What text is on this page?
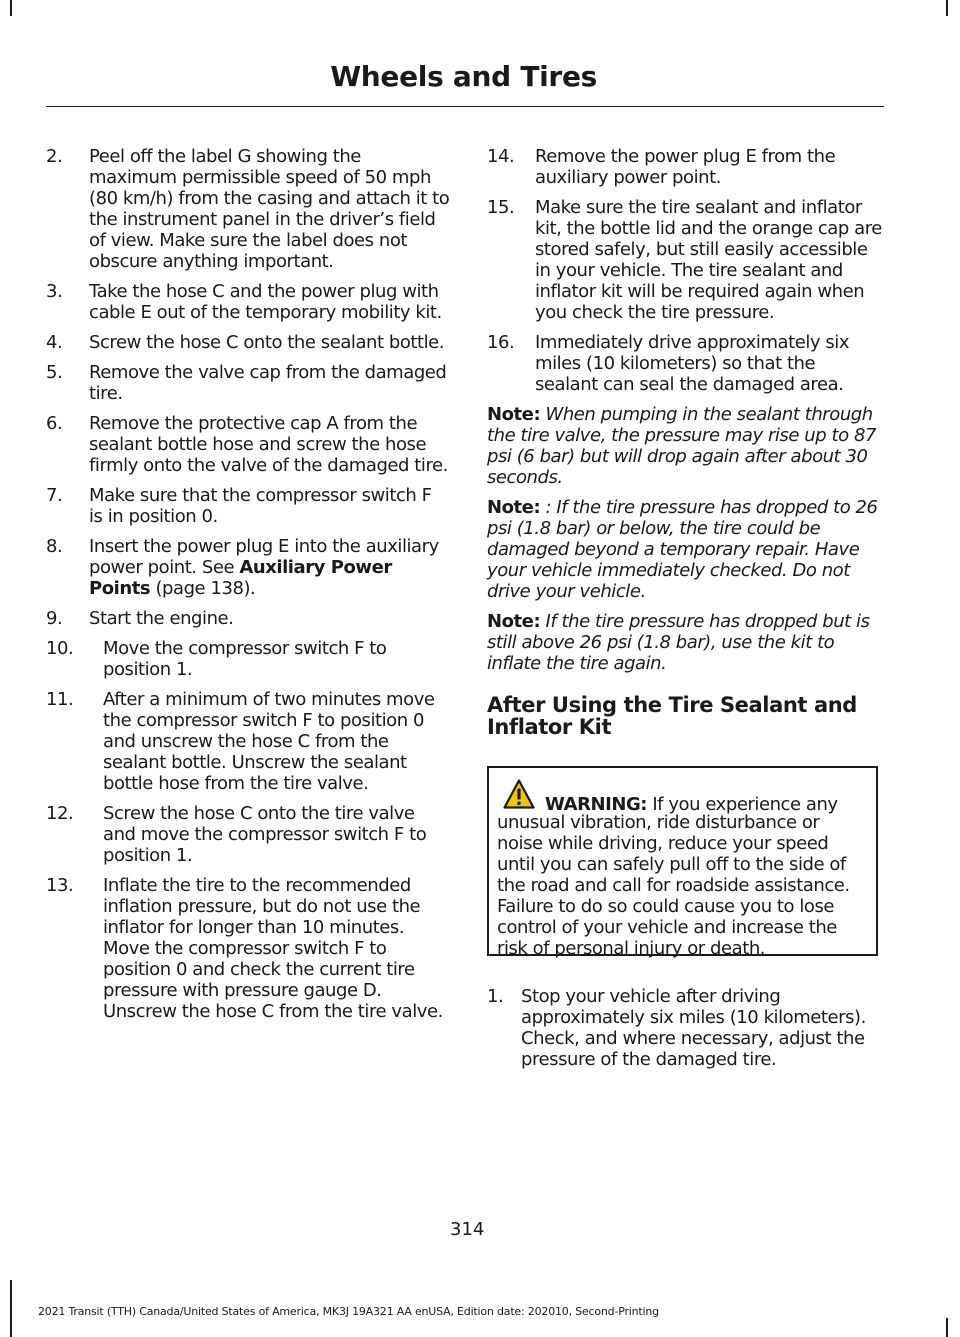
Wheels and Tires
2.	Peel off the label G showing the maximum permissible speed of 50 mph (80 km/h) from the casing and attach it to the instrument panel in the driver’s field of view. Make sure the label does not obscure anything important.
3.	Take the hose C and the power plug with cable E out of the temporary mobility kit.
4.	Screw the hose C onto the sealant bottle.
5.	Remove the valve cap from the damaged tire.
6.	Remove the protective cap A from the sealant bottle hose and screw the hose firmly onto the valve of the damaged tire.
7.	Make sure that the compressor switch F is in position 0.
8.	Insert the power plug E into the auxiliary power point. See Auxiliary Power Points (page 138).
9.	Start the engine.
10.	Move the compressor switch F to position 1.
11.	After a minimum of two minutes move the compressor switch F to position 0 and unscrew the hose C from the sealant bottle. Unscrew the sealant bottle hose from the tire valve.
12.	Screw the hose C onto the tire valve and move the compressor switch F to position 1.
13.	Inflate the tire to the recommended inflation pressure, but do not use the inflator for longer than 10 minutes. Move the compressor switch F to position 0 and check the current tire pressure with pressure gauge D. Unscrew the hose C from the tire valve.
14.	Remove the power plug E from the auxiliary power point.
15.	Make sure the tire sealant and inflator kit, the bottle lid and the orange cap are stored safely, but still easily accessible in your vehicle. The tire sealant and inflator kit will be required again when you check the tire pressure.
16.	Immediately drive approximately six miles (10 kilometers) so that the sealant can seal the damaged area.

Note: When pumping in the sealant through the tire valve, the pressure may rise up to 87 psi (6 bar) but will drop again after about 30 seconds.

Note: : If the tire pressure has dropped to 26 psi (1.8 bar) or below, the tire could be damaged beyond a temporary repair. Have your vehicle immediately checked. Do not drive your vehicle.

Note: If the tire pressure has dropped but is still above 26 psi (1.8 bar), use the kit to inflate the tire again.

After Using the Tire Sealant and Inflator Kit
WARNING: If you experience any
unusual vibration, ride disturbance or noise while driving, reduce your speed until you can safely pull off to the side of the road and call for roadside assistance. Failure to do so could cause you to lose control of your vehicle and increase the risk of personal injury or death.
1. Stop your vehicle after driving approximately six miles (10 kilometers). Check, and where necessary, adjust the pressure of the damaged tire.
314
2021 Transit (TTH) Canada/United States of America, MK3J 19A321 AA enUSA, Edition date: 202010, Second-Printing
